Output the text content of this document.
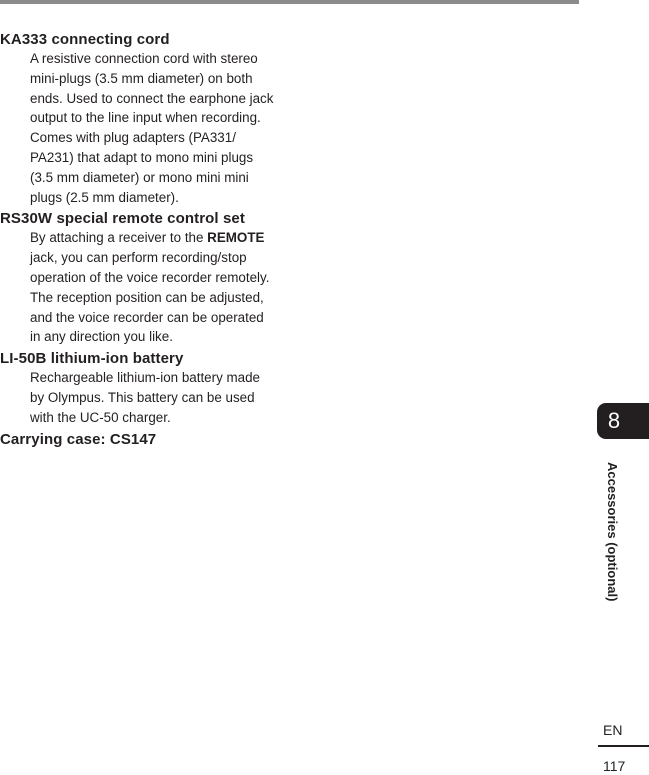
KA333 connecting cord

A resistive connection cord with stereo

mini-plugs (3.5 mm diameter) on both

ends. Used to connect the earphone jack

output to the line input when recording.

Comes with plug adapters (PA331/

PA231) that adapt to mono mini plugs

(3.5 mm diameter) or mono mini mini

plugs (2.5 mm diameter).

RS30W special remote control set

By attaching a receiver to the REMOTE

jack, you can perform recording/stop

operation of the voice recorder remotely.

The reception position can be adjusted,

and the voice recorder can be operated

in any direction you like.

LI-50B lithium-ion battery

Rechargeable lithium-ion battery made

by Olympus. This battery can be used

with the UC-50 charger.

Carrying case: CS147

8
Accessories (optional)
EN
117
